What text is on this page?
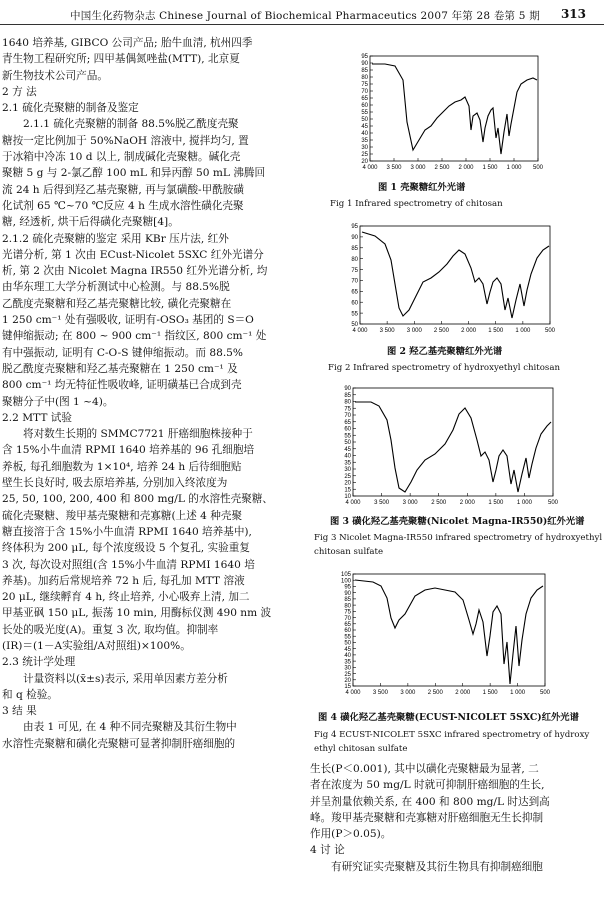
中国生化药物杂志 Chinese Journal of Biochemical Pharmaceutics 2007 年第 28 卷第 5 期 313

1640 培养基, GIBCO 公司产品; 胎牛血清, 杭州四季

青生物工程研究所; 四甲基偶氮唑盐(MTT), 北京夏

新生物技术公司产品。

2 方 法

2.1 硫化壳聚糖的制备及鉴定

2.1.1 硫化壳聚糖的制备 88.5%脱乙酰度壳聚

糖按一定比例加于 50%NaOH 溶液中, 搅拌均匀, 置

于冰箱中冷冻 10 d 以上, 制成碱化壳聚糖。碱化壳

聚糖 5 g 与 2-氯乙醇 100 mL 和异丙醇 50 mL 沸腾回

流 24 h 后得到羟乙基壳聚糖, 再与氯磺酸-甲酰胺磺

化试剂 65 ℃~70 ℃反应 4 h 生成水溶性磺化壳聚

糖, 经透析, 烘干后得磺化壳聚糖[4]。

2.1.2 硫化壳聚糖的鉴定 采用 KBr 压片法, 红外

光谱分析, 第 1 次由 ECust-Nicolet 5SXC 红外光谱分

析, 第 2 次由 Nicolet Magna IR550 红外光谱分析, 均

由华东理工大学分析测试中心检测。与 88.5%脱

乙酰度壳聚糖和羟乙基壳聚糖比较, 磺化壳聚糖在

1 250 cm⁻¹ 处有强吸收, 证明有-OSO₃ 基团的 S＝O

键伸缩振动; 在 800 ~ 900 cm⁻¹ 指纹区, 800 cm⁻¹ 处

有中强振动, 证明有 C-O-S 键伸缩振动。而 88.5%

脱乙酰度壳聚糖和羟乙基壳聚糖在 1 250 cm⁻¹ 及

800 cm⁻¹ 均无特征性吸收峰, 证明磺基已合成到壳

聚糖分子中(图 1 ~4)。

2.2 MTT 试验

将对数生长期的 SMMC7721 肝癌细胞株接种于

含 15%小牛血清 RPMI 1640 培养基的 96 孔细胞培

养板, 每孔细胞数为 1×10⁴, 培养 24 h 后待细胞贴

壁生长良好时, 吸去原培养基, 分别加入终浓度为

25, 50, 100, 200, 400 和 800 mg/L 的水溶性壳聚糖、

硫化壳聚糖、羧甲基壳聚糖和壳寡糖(上述 4 种壳聚

糖直接溶于含 15%小牛血清 RPMI 1640 培养基中),

终体积为 200 μL, 每个浓度级设 5 个复孔, 实验重复

3 次, 每次设对照组(含 15%小牛血清 RPMI 1640 培

养基)。加药后常规培养 72 h 后, 每孔加 MTT 溶液

20 μL, 继续孵育 4 h, 终止培养, 小心吸弃上清, 加二

甲基亚砜 150 μL, 振荡 10 min, 用酶标仪测 490 nm 波

长处的吸光度(A)。重复 3 次, 取均值。抑制率

(IR)＝(1－A实验组/A对照组)×100%。

2.3 统计学处理

计量资料以(x̄±s)表示, 采用单因素方差分析

和 q 检验。

3 结 果

由表 1 可见, 在 4 种不同壳聚糖及其衍生物中

水溶性壳聚糖和磺化壳聚糖可显著抑制肝癌细胞的

95
90
85
80
75
70
65
60
55
50
45
40
35
30
25
20
4 000 3 500 3 000 2 500 2 000 1 500 1 000 500
图 1 壳聚糖红外光谱
Fig 1 Infrared spectrometry of chitosan
95
90
85
80
75
70
65
60
55
50
4 000 3 500 3 000 2 500 2 000 1 500 1 000 500
图 2 羟乙基壳聚糖红外光谱
Fig 2 Infrared spectrometry of hydroxyethyl chitosan
90
85
80
75
70
65
60
55
50
45
40
35
30
25
20
15
10
4 000 3 500 3 000 2 500 2 000 1 500 1 000	500
图 3 磺化羟乙基壳聚糖(Nicolet Magna-IR550)红外光谱
Fig 3 Nicolet Magna-IR550 infrared spectrometry of hydroxyethyl
chitosan sulfate
105
100
95
90
85
80
75
70
65
60
55
50
45
40
35
30
25
20
15
4 000 3 500 3 000 2 500 2 000 1 500 1 000 500
图 4 磺化羟乙基壳聚糖(ECUST-NICOLET 5SXC)红外光谱
Fig 4 ECUST-NICOLET 5SXC infrared spectrometry of hydroxy
ethyl chitosan sulfate

生长(P＜0.001), 其中以磺化壳聚糖最为显著, 二

者在浓度为 50 mg/L 时就可抑制肝癌细胞的生长,

并呈剂量依赖关系, 在 400 和 800 mg/L 时达到高

峰。羧甲基壳聚糖和壳寡糖对肝癌细胞无生长抑制

作用(P＞0.05)。

4 讨 论

有研究证实壳聚糖及其衍生物具有抑制癌细胞
